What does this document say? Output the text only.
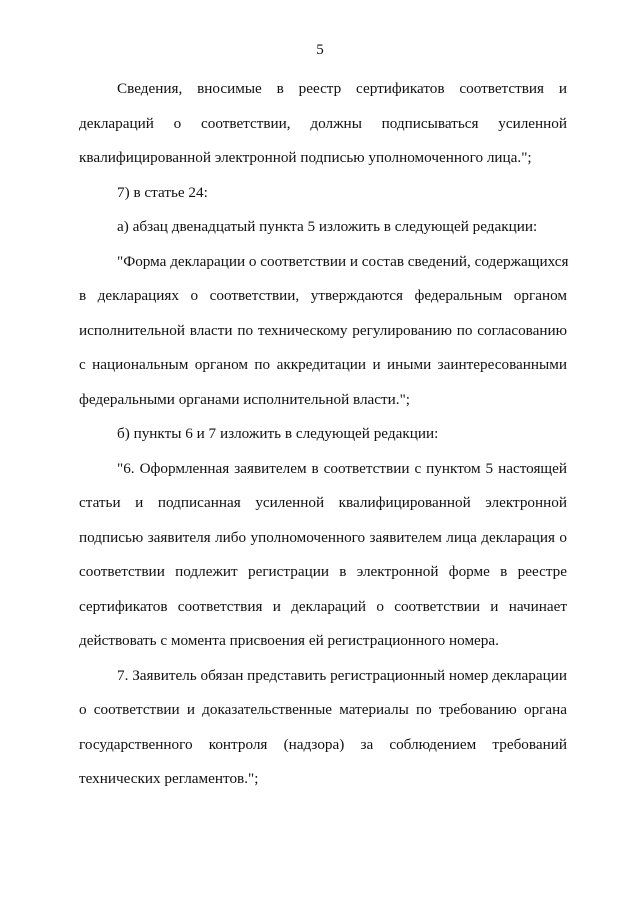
5
Сведения, вносимые в реестр сертификатов соответствия и
деклараций о соответствии, должны подписываться усиленной
квалифицированной электронной подписью уполномоченного лица.";
7) в статье 24:
а) абзац двенадцатый пункта 5 изложить в следующей редакции:
"Форма декларации о соответствии и состав сведений, содержащихся
в декларациях о соответствии, утверждаются федеральным органом
исполнительной власти по техническому регулированию по согласованию
с национальным органом по аккредитации и иными заинтересованными
федеральными органами исполнительной власти.";
б) пункты 6 и 7 изложить в следующей редакции:
"6. Оформленная заявителем в соответствии с пунктом 5 настоящей
статьи и подписанная усиленной квалифицированной электронной
подписью заявителя либо уполномоченного заявителем лица декларация о
соответствии подлежит регистрации в электронной форме в реестре
сертификатов соответствия и деклараций о соответствии и начинает
действовать с момента присвоения ей регистрационного номера.
7. Заявитель обязан представить регистрационный номер декларации
о соответствии и доказательственные материалы по требованию органа
государственного контроля (надзора) за соблюдением требований
технических регламентов.";
